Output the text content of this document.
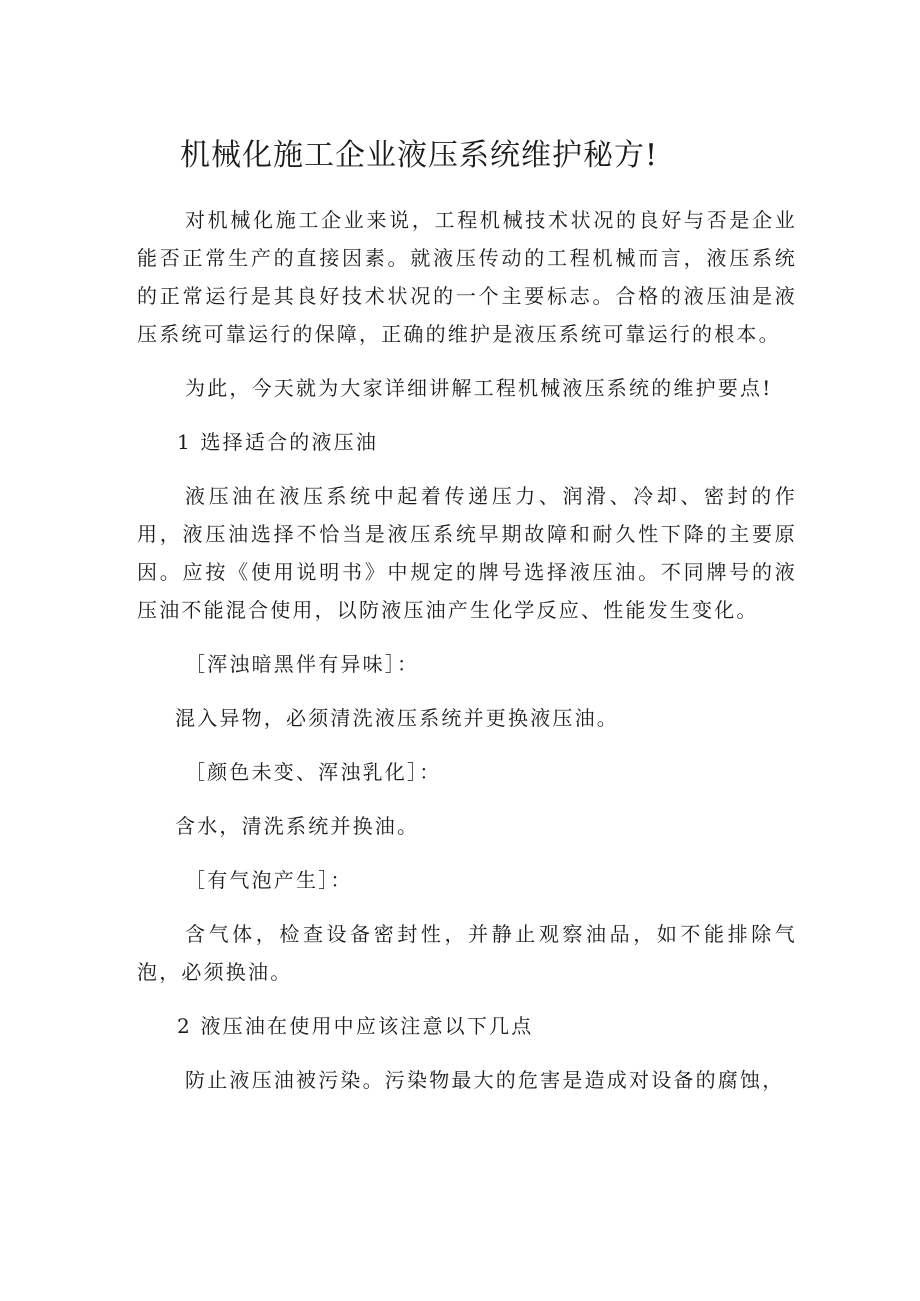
机械化施工企业液压系统维护秘方!

对机械化施工企业来说，工程机械技术状况的良好与否是企业能否正常生产的直接因素。就液压传动的工程机械而言，液压系统的正常运行是其良好技术状况的一个主要标志。合格的液压油是液压系统可靠运行的保障，正确的维护是液压系统可靠运行的根本。

为此，今天就为大家详细讲解工程机械液压系统的维护要点!

1 选择适合的液压油

液压油在液压系统中起着传递压力、润滑、冷却、密封的作用，液压油选择不恰当是液压系统早期故障和耐久性下降的主要原因。应按《使用说明书》中规定的牌号选择液压油。不同牌号的液压油不能混合使用，以防液压油产生化学反应、性能发生变化。

［浑浊暗黑伴有异味］：

混入异物，必须清洗液压系统并更换液压油。

［颜色未变、浑浊乳化］：

含水，清洗系统并换油。

［有气泡产生］：

含气体，检查设备密封性，并静止观察油品，如不能排除气泡，必须换油。

2 液压油在使用中应该注意以下几点

防止液压油被污染。污染物最大的危害是造成对设备的腐蚀，
